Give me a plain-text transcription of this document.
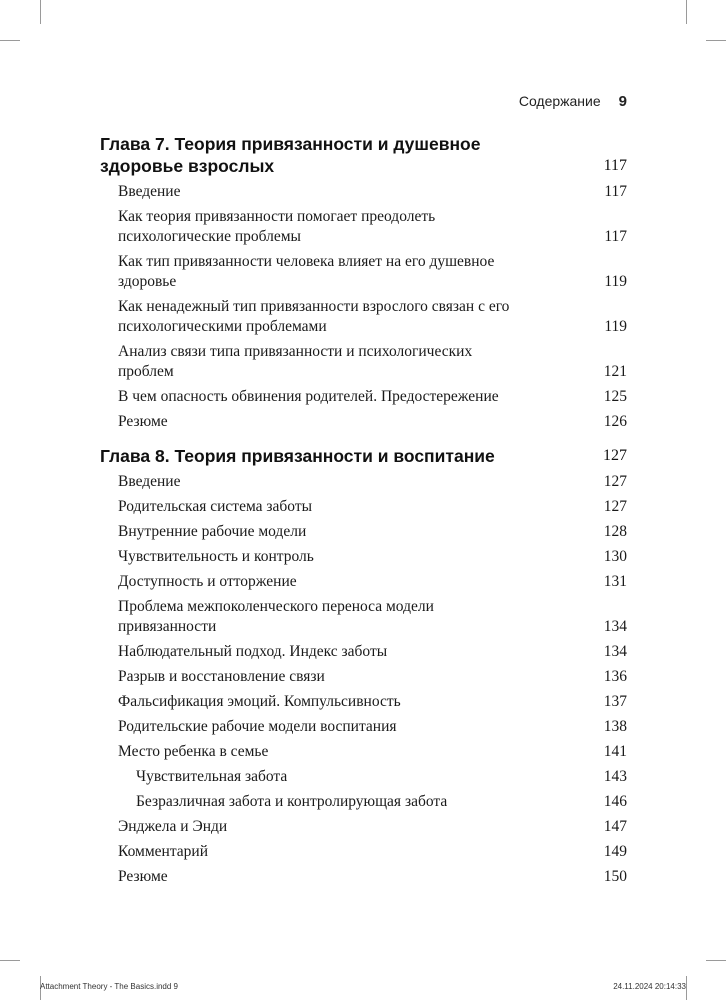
Содержание 9
Глава 7. Теория привязанности и душевное здоровье взрослых	117
Введение	117
Как теория привязанности помогает преодолеть психологические проблемы	117
Как тип привязанности человека влияет на его душевное здоровье	119
Как ненадежный тип привязанности взрослого связан с его психологическими проблемами	119
Анализ связи типа привязанности и психологических проблем	121
В чем опасность обвинения родителей. Предостережение	125
Резюме	126
Глава 8. Теория привязанности и воспитание	127
Введение	127
Родительская система заботы	127
Внутренние рабочие модели	128
Чувствительность и контроль	130
Доступность и отторжение	131
Проблема межпоколенческого переноса модели привязанности	134
Наблюдательный подход. Индекс заботы	134
Разрыв и восстановление связи	136
Фальсификация эмоций. Компульсивность	137
Родительские рабочие модели воспитания	138
Место ребенка в семье	141
Чувствительная забота	143
Безразличная забота и контролирующая забота	146
Энджела и Энди	147
Комментарий	149
Резюме	150
Attachment Theory - The Basics.indd 9	24.11.2024 20:14:33
